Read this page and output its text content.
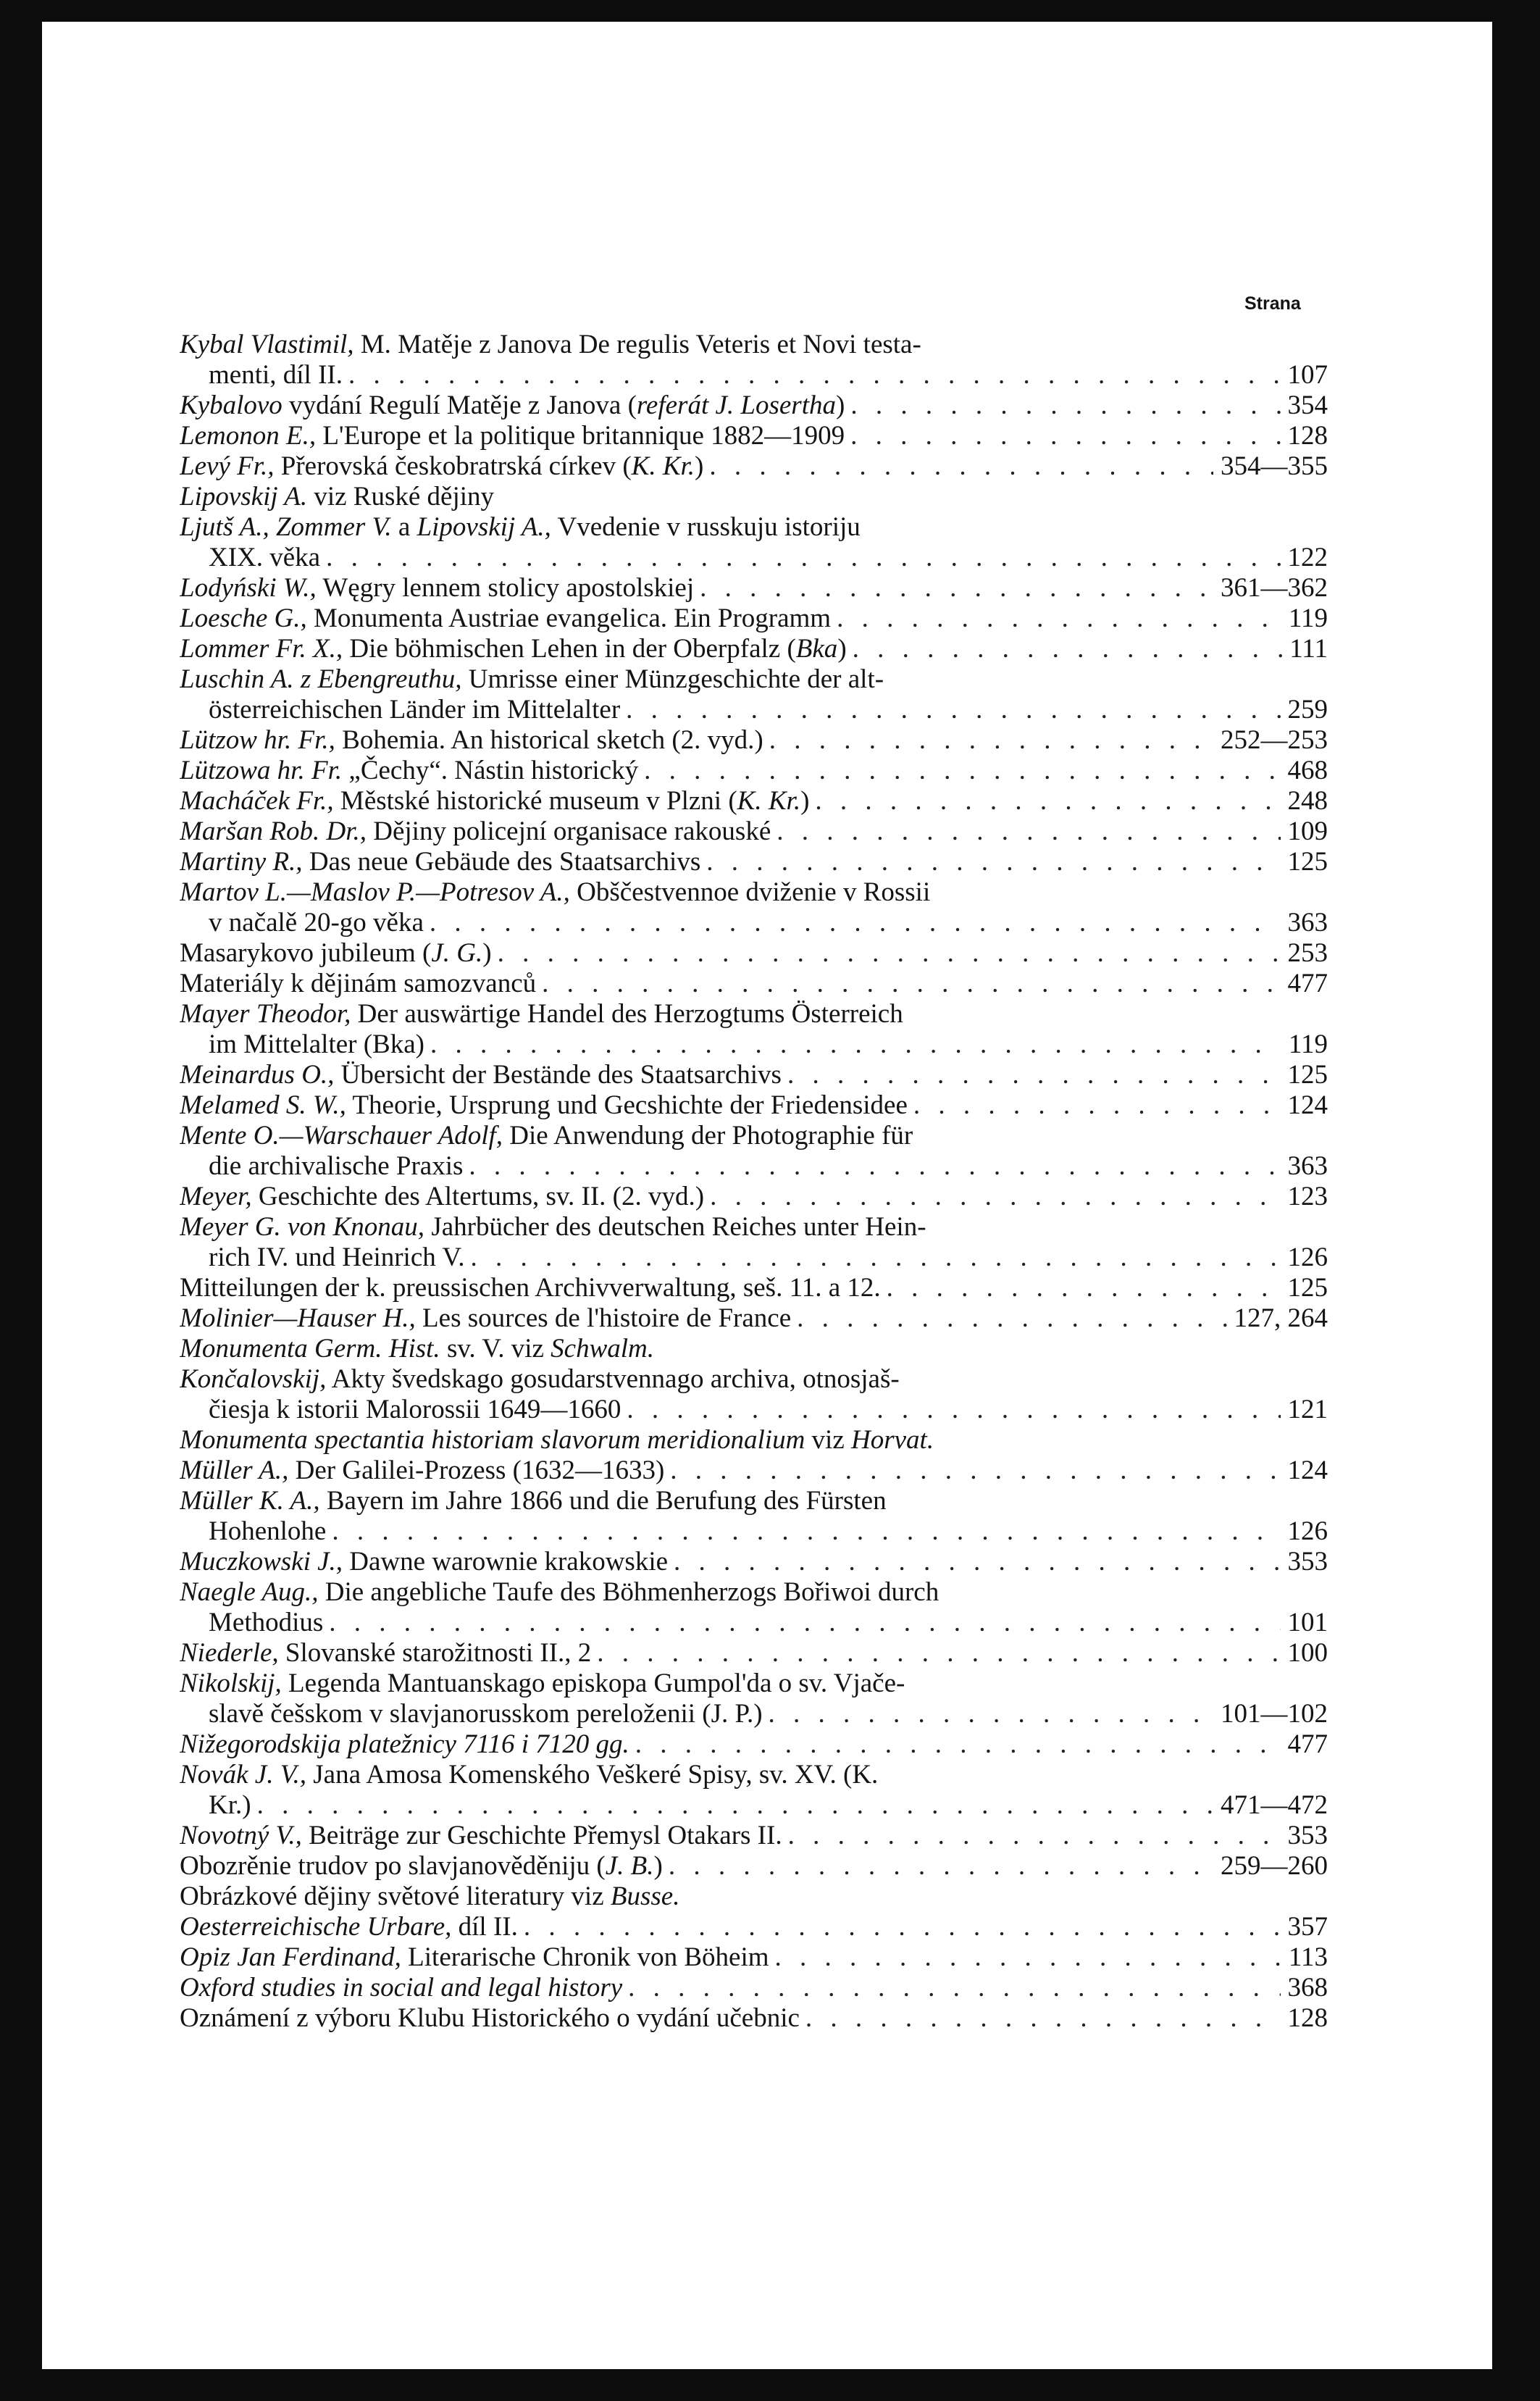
Strana
Kybal Vlastimil, M. Matěje z Janova De regulis Veteris et Novi testa-
menti, díl II. . . .	107
Kybalovo vydání Regulí Matěje z Janova (referát J. Losertha) . . .	354
Lemonon E., L'Europe et la politique britannique 1882—1909 . . .	128
Levý Fr., Přerovská českobratrská církev (K. Kr.) . . .	354—355
Lipovskij A. viz Ruské dějiny
Ljutš A., Zommer V. a Lipovskij A., Vvedenie v russkuju istoriju
XIX. věka . . .	122
Lodyński W., Węgry lennem stolicy apostolskiej . . .	361—362
Loesche G., Monumenta Austriae evangelica. Ein Programm . . .	119
Lommer Fr. X., Die böhmischen Lehen in der Oberpfalz (Bka) . . .	111
Luschin A. z Ebengreuthu, Umrisse einer Münzgeschichte der alt-
österreichischen Länder im Mittelalter . . .	259
Lützow hr. Fr., Bohemia. An historical sketch (2. vyd.) . . .	252—253
Lützowa hr. Fr. „Čechy“. Nástin historický . . .	468
Macháček Fr., Městské historické museum v Plzni (K. Kr.) . . .	248
Maršan Rob. Dr., Dějiny policejní organisace rakouské . . .	109
Martiny R., Das neue Gebäude des Staatsarchivs . . .	125
Martov L.—Maslov P.—Potresov A., Obščestvennoe dviženie v Rossii
v načalě 20-go věka . . .	363
Masarykovo jubileum (J. G.) . . .	253
Materiály k dějinám samozvanců . . .	477
Mayer Theodor, Der auswärtige Handel des Herzogtums Österreich
im Mittelalter (Bka) . . .	119
Meinardus O., Übersicht der Bestände des Staatsarchivs . . .	125
Melamed S. W., Theorie, Ursprung und Gecshichte der Friedensidee . . .	124
Mente O.—Warschauer Adolf, Die Anwendung der Photographie für
die archivalische Praxis . . .	363
Meyer, Geschichte des Altertums, sv. II. (2. vyd.) . . .	123
Meyer G. von Knonau, Jahrbücher des deutschen Reiches unter Hein-
rich IV. und Heinrich V. . . .	126
Mitteilungen der k. preussischen Archivverwaltung, seš. 11. a 12. . . .	125
Molinier—Hauser H., Les sources de l'histoire de France . . .	127, 264
Monumenta Germ. Hist. sv. V. viz Schwalm.
Končalovskij, Akty švedskago gosudarstvennago archiva, otnosjaš-
čiesja k istorii Malorossii 1649—1660 . . .	121
Monumenta spectantia historiam slavorum meridionalium viz Horvat.
Müller A., Der Galilei-Prozess (1632—1633) . . .	124
Müller K. A., Bayern im Jahre 1866 und die Berufung des Fürsten
Hohenlohe . . .	126
Muczkowski J., Dawne warownie krakowskie . . .	353
Naegle Aug., Die angebliche Taufe des Böhmenherzogs Bořiwoi durch
Methodius . . .	101
Niederle, Slovanské starožitnosti II., 2 . . .	100
Nikolskij, Legenda Mantuanskago episkopa Gumpol'da o sv. Vjače-
slavě češskom v slavjanorusskom pereloženii (J. P.) . . .	101—102
Nižegorodskija platežnicy 7116 i 7120 gg. . . .	477
Novák J. V., Jana Amosa Komenského Veškeré Spisy, sv. XV. (K.
Kr.) . . .	471—472
Novotný V., Beiträge zur Geschichte Přemysl Otakars II. . . .	353
Obozrěnie trudov po slavjanověděniju (J. B.) . . .	259—260
Obrázkové dějiny světové literatury viz Busse.
Oesterreichische Urbare, díl II. . . .	357
Opiz Jan Ferdinand, Literarische Chronik von Böheim . . .	113
Oxford studies in social and legal history . . .	368
Oznámení z výboru Klubu Historického o vydání učebnic . . .	128
